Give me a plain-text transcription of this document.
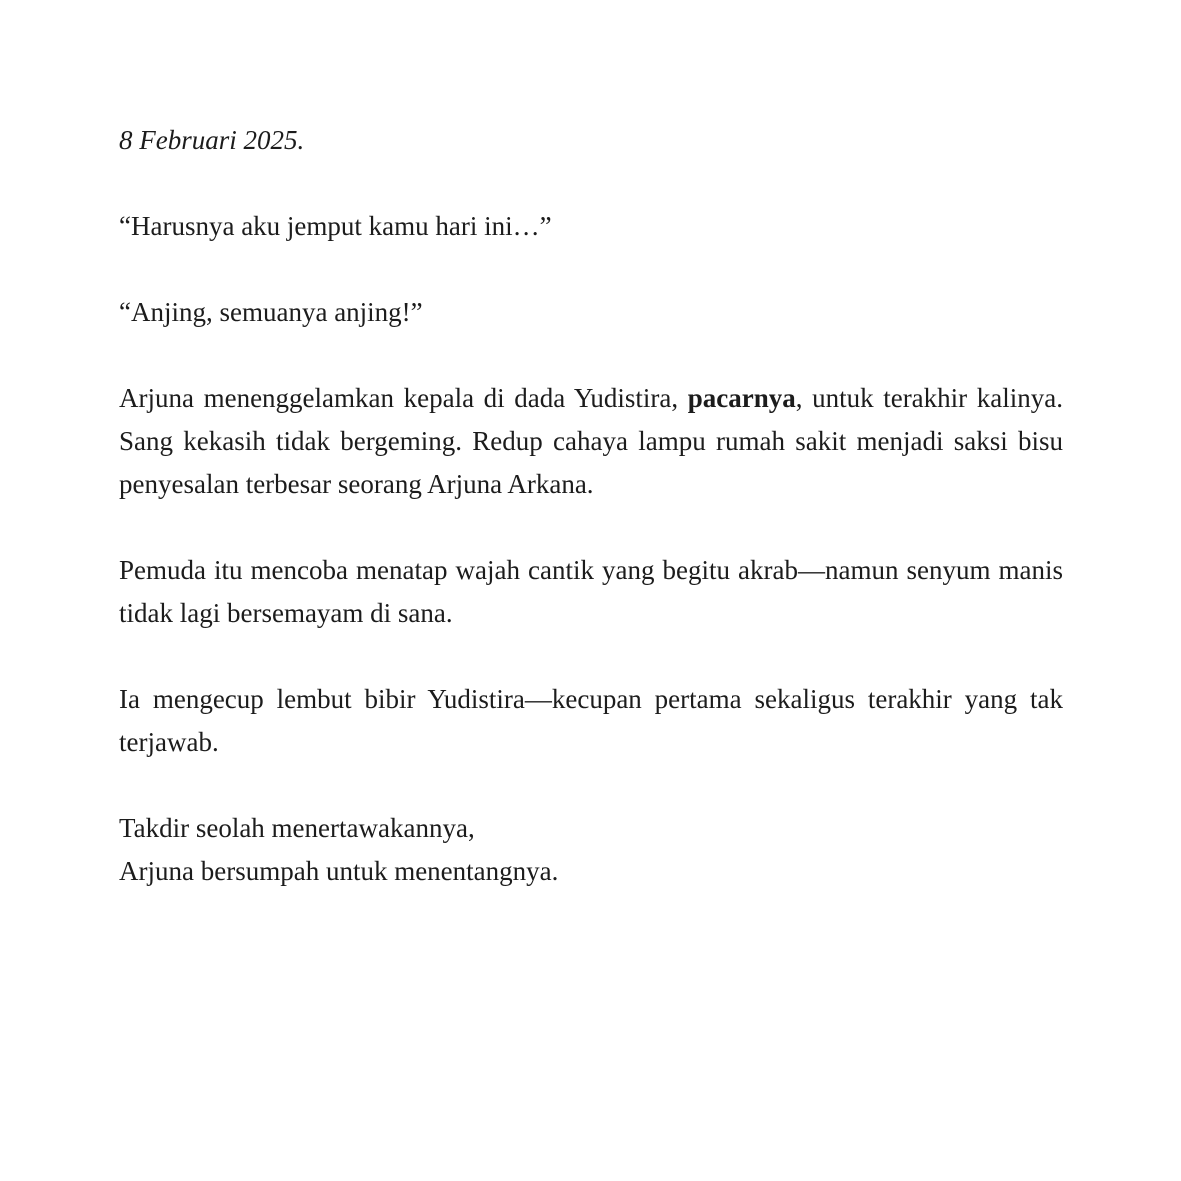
8 Februari 2025.

“Harusnya aku jemput kamu hari ini…”

“Anjing, semuanya anjing!”

Arjuna menenggelamkan kepala di dada Yudistira, pacarnya, untuk terakhir kalinya. Sang kekasih tidak bergeming. Redup cahaya lampu rumah sakit menjadi saksi bisu penyesalan terbesar seorang Arjuna Arkana.

Pemuda itu mencoba menatap wajah cantik yang begitu akrab—namun senyum manis tidak lagi bersemayam di sana.

Ia mengecup lembut bibir Yudistira—kecupan pertama sekaligus terakhir yang tak terjawab.

Takdir seolah menertawakannya,
Arjuna bersumpah untuk menentangnya.
